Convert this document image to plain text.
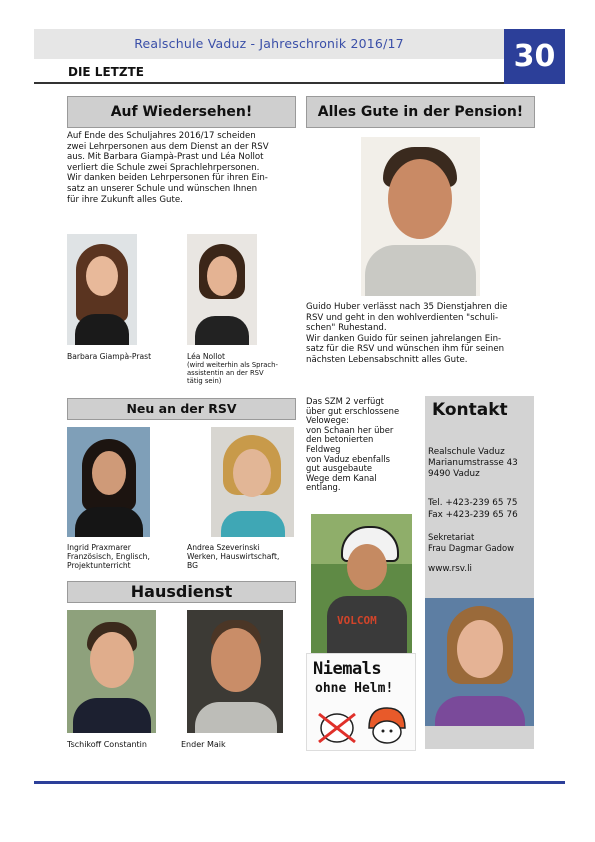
Realschule Vaduz - Jahreschronik 2016/17	30
DIE LETZTE
Auf Wiedersehen!
Auf Ende des Schuljahres 2016/17 scheiden
zwei Lehrpersonen aus dem Dienst an der RSV
aus. Mit Barbara Giampà-Prast und Léa Nollot
verliert die Schule zwei Sprachlehrpersonen.
Wir danken beiden Lehrpersonen für ihren Ein-
satz an unserer Schule und wünschen Ihnen
für ihre Zukunft alles Gute.
Barbara Giampà-Prast	Léa Nollot
(wird weiterhin als Sprach-
assistentin an der RSV
tätig sein)
Alles Gute in der Pension!
Guido Huber verlässt nach 35 Dienstjahren die
RSV und geht in den wohlverdienten "schuli-
schen" Ruhestand.
Wir danken Guido für seinen jahrelangen Ein-
satz für die RSV und wünschen ihm für seinen
nächsten Lebensabschnitt alles Gute.
Neu an der RSV
Ingrid Praxmarer
Französisch, Englisch,
Projektunterricht
Andrea Szeverinski
Werken, Hauswirtschaft,
BG
Hausdienst
Tschikoff Constantin	Ender Maik
Das SZM 2 verfügt
über gut erschlossene
Velowege:
von Schaan her über
den betonierten
Feldweg
von Vaduz ebenfalls
gut ausgebaute
Wege dem Kanal
entlang.
VOLCOM
Niemals
ohne Helm!
Kontakt
Realschule Vaduz
Marianumstrasse 43
9490 Vaduz
Tel. +423-239 65 75
Fax +423-239 65 76
Sekretariat
Frau Dagmar Gadow
www.rsv.li
